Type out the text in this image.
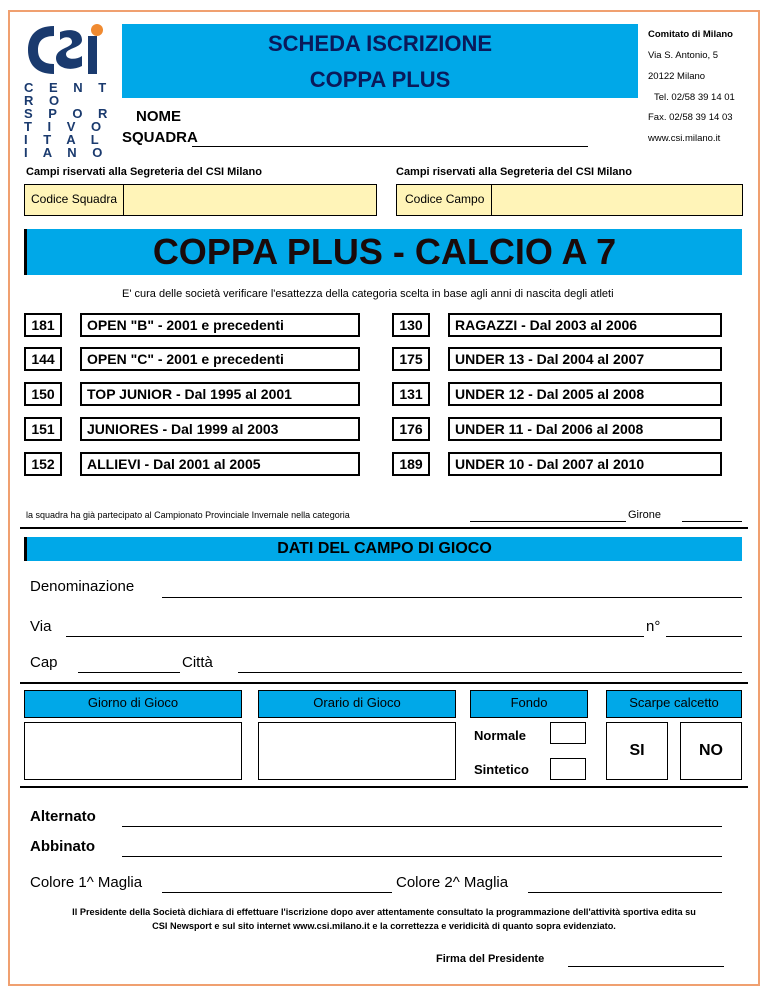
C E N T R O
S P O R T I V O
I T A L I A N O
SCHEDA ISCRIZIONE
COPPA PLUS
Comitato di Milano
Via S. Antonio, 5
20122 Milano
Tel. 02/58 39 14 01
Fax. 02/58 39 14 03
www.csi.milano.it
NOME
SQUADRA
Campi riservati alla Segreteria del CSI Milano	Campi riservati alla Segreteria del CSI Milano
Codice Squadra	Codice Campo
COPPA PLUS - CALCIO A 7
E' cura delle società verificare l'esattezza della categoria scelta in base agli anni di nascita degli atleti
181	OPEN "B" - 2001 e precedenti
144	OPEN "C" - 2001 e precedenti
150	TOP JUNIOR - Dal 1995 al 2001
151	JUNIORES - Dal 1999 al 2003
152	ALLIEVI - Dal 2001 al 2005
130	RAGAZZI - Dal 2003 al 2006
175	UNDER 13 - Dal 2004 al 2007
131	UNDER 12 - Dal 2005 al 2008
176	UNDER 11 - Dal 2006 al 2008
189	UNDER 10 - Dal 2007 al 2010
la squadra ha già partecipato al Campionato Provinciale Invernale nella categoria	Girone
DATI DEL CAMPO DI GIOCO
Denominazione
Via	n°
Cap	Città
Giorno di Gioco	Orario di Gioco	Fondo	Scarpe calcetto
Normale
Sintetico
SI	NO
Alternato
Abbinato
Colore 1^ Maglia	Colore 2^ Maglia
Il Presidente della Società dichiara di effettuare l'iscrizione dopo aver attentamente consultato la programmazione dell'attività sportiva edita su
CSI Newsport e sul sito internet www.csi.milano.it e la correttezza e veridicità di quanto sopra evidenziato.
Firma del Presidente
